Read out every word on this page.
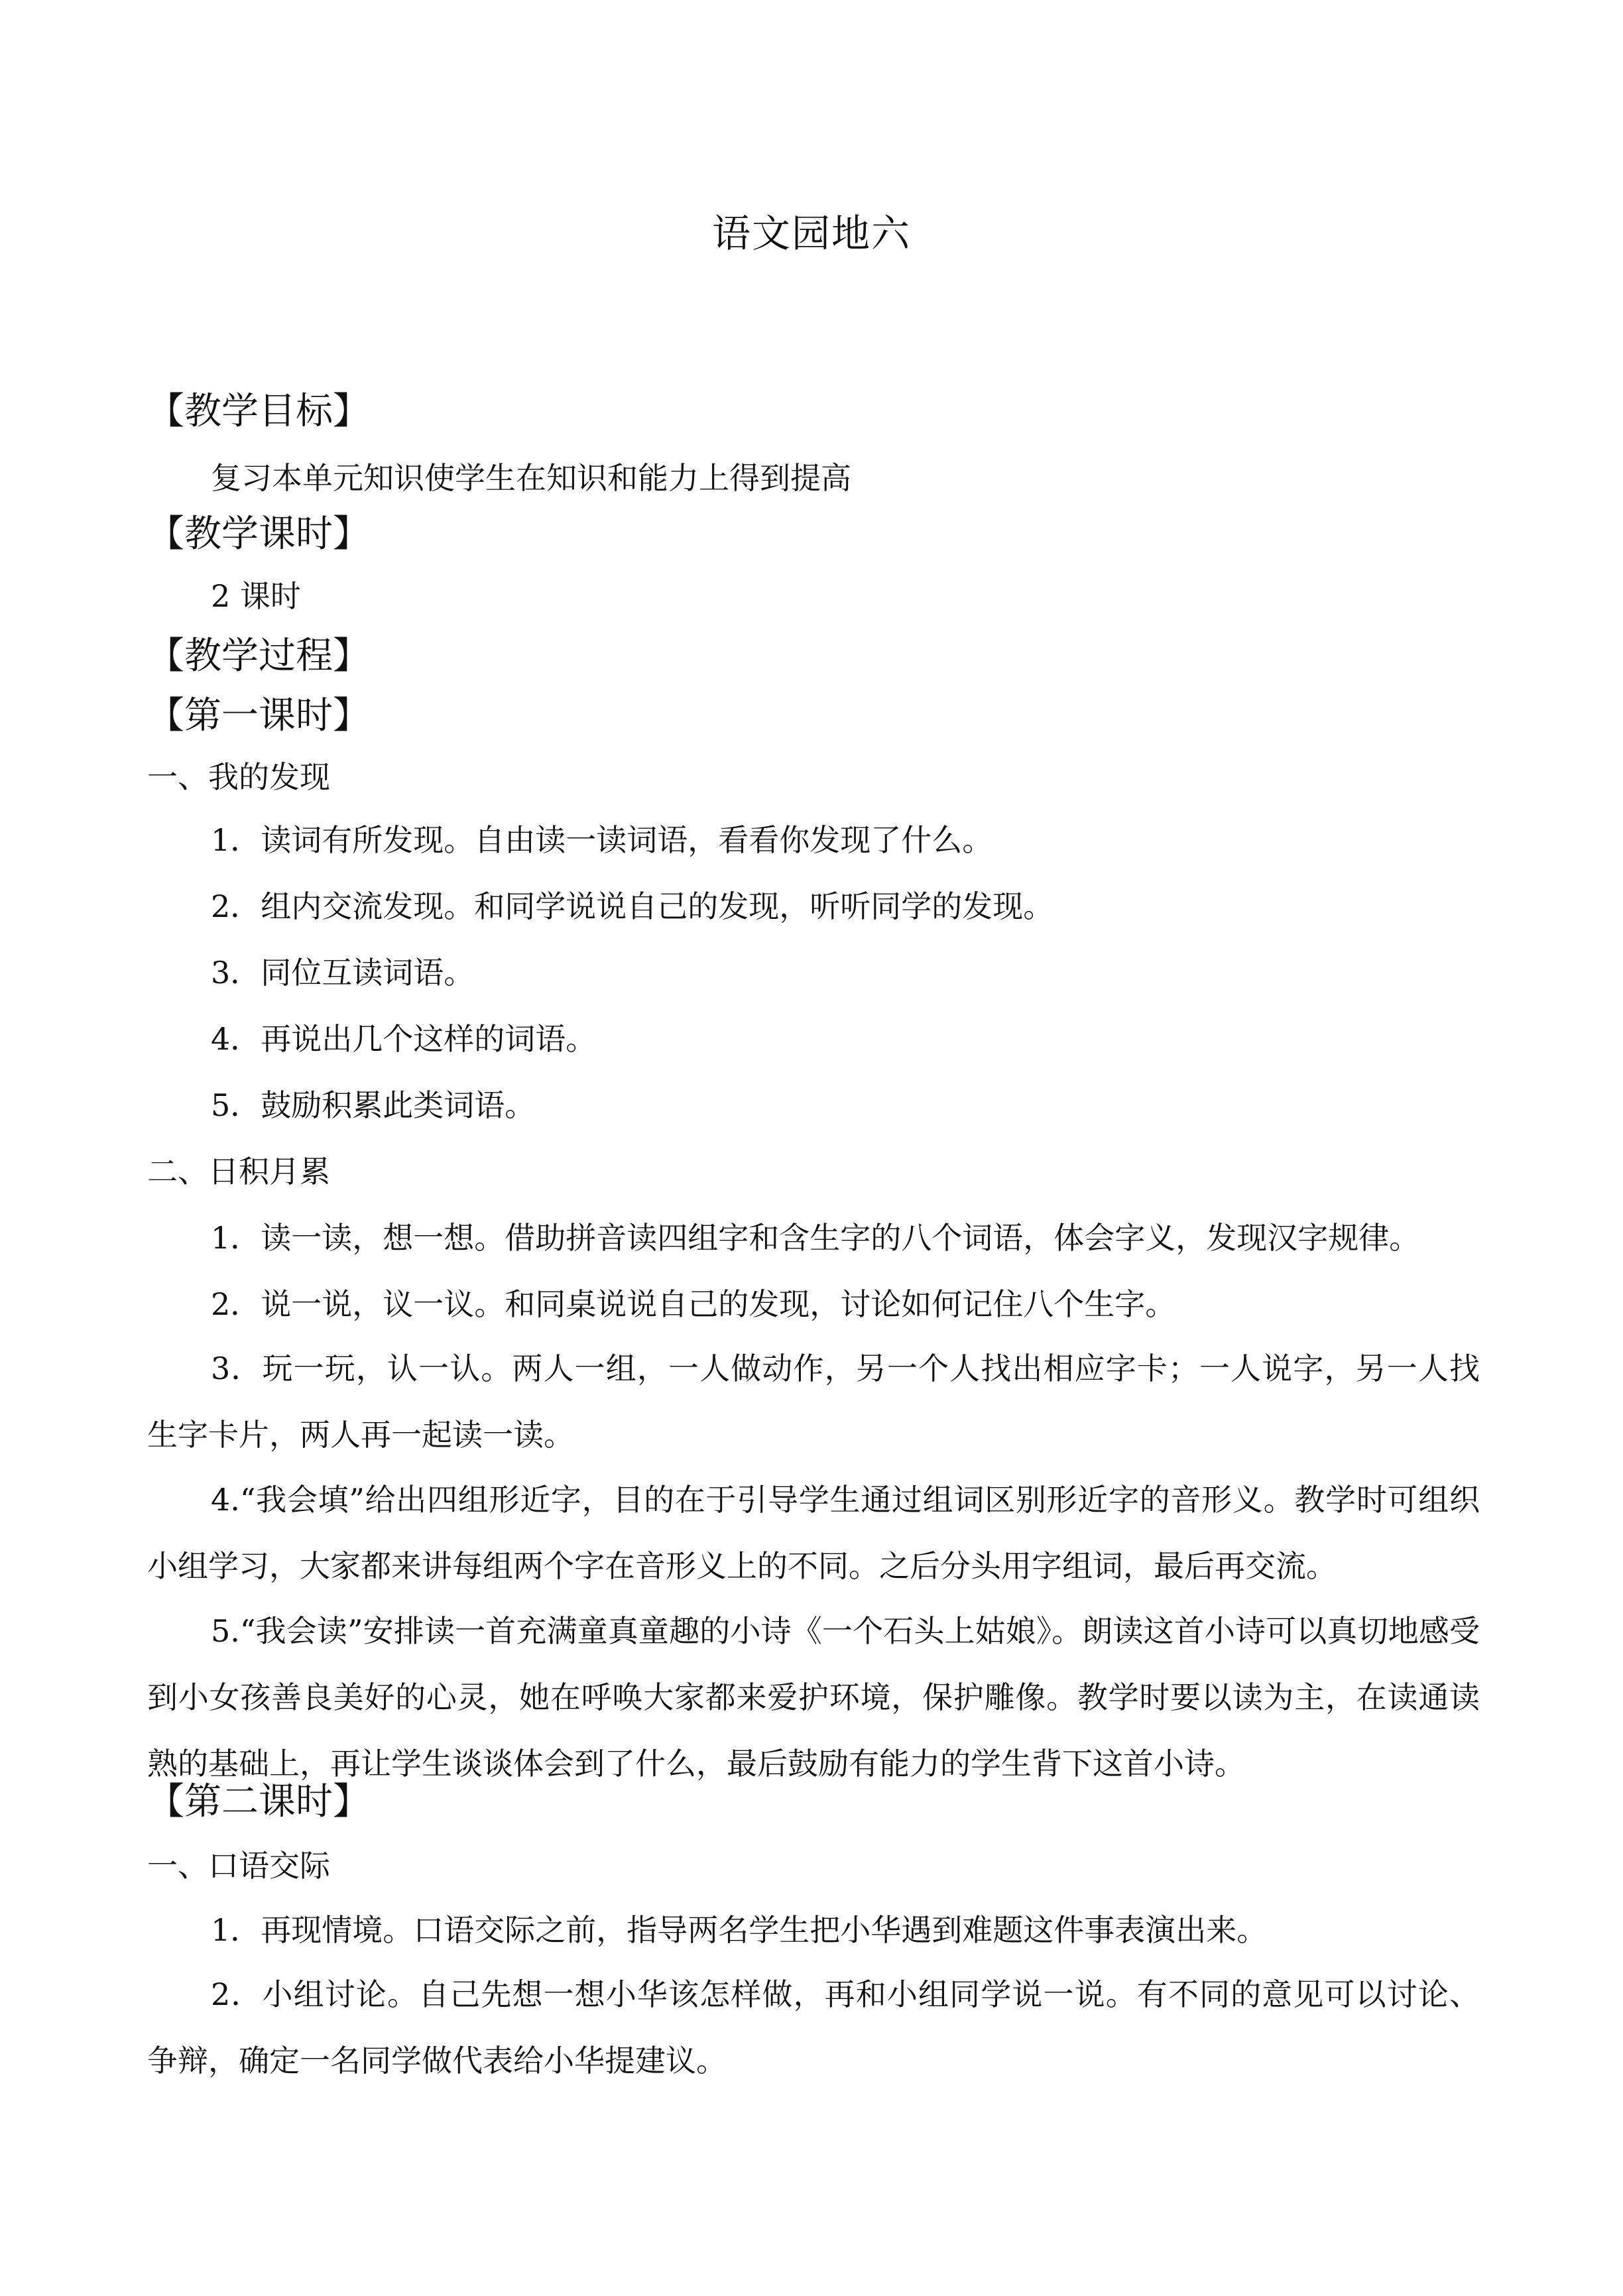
语文园地六
【教学目标】
复习本单元知识使学生在知识和能力上得到提高
【教学课时】
2 课时
【教学过程】
【第一课时】
一、我的发现
1．读词有所发现。自由读一读词语，看看你发现了什么。
2．组内交流发现。和同学说说自己的发现，听听同学的发现。
3．同位互读词语。
4．再说出几个这样的词语。
5．鼓励积累此类词语。
二、日积月累
1．读一读，想一想。借助拼音读四组字和含生字的八个词语，体会字义，发现汉字规律。
2．说一说，议一议。和同桌说说自己的发现，讨论如何记住八个生字。

3．玩一玩，认一认。两人一组，一人做动作，另一个人找出相应字卡；一人说字，另一人找生字卡片，两人再一起读一读。

4.“我会填”给出四组形近字，目的在于引导学生通过组词区别形近字的音形义。教学时可组织小组学习，大家都来讲每组两个字在音形义上的不同。之后分头用字组词，最后再交流。

5.“我会读”安排读一首充满童真童趣的小诗《一个石头上姑娘》。朗读这首小诗可以真切地感受到小女孩善良美好的心灵，她在呼唤大家都来爱护环境，保护雕像。教学时要以读为主，在读通读熟的基础上，再让学生谈谈体会到了什么，最后鼓励有能力的学生背下这首小诗。

【第二课时】
一、口语交际
1．再现情境。口语交际之前，指导两名学生把小华遇到难题这件事表演出来。

2．小组讨论。自己先想一想小华该怎样做，再和小组同学说一说。有不同的意见可以讨论、争辩，确定一名同学做代表给小华提建议。
